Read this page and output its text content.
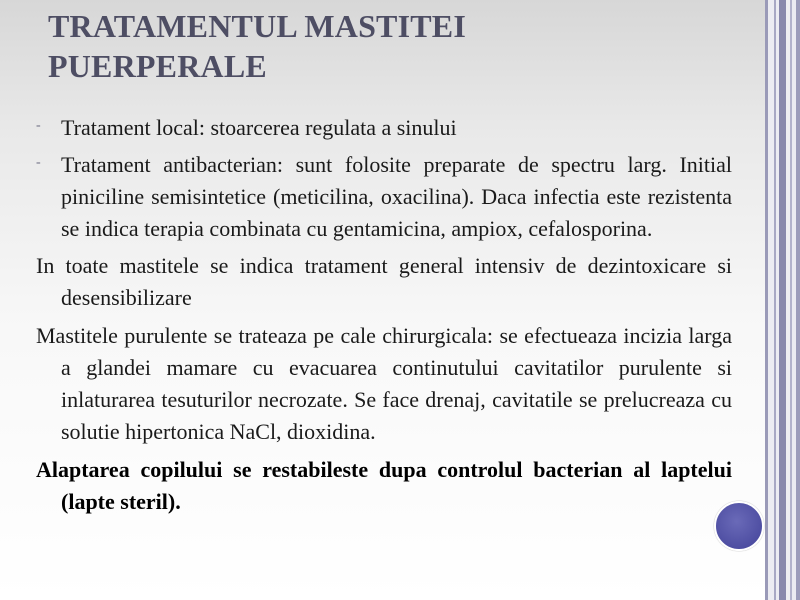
TRATAMENTUL MASTITEI
PUERPERALE
- Tratament local: stoarcerea regulata a sinului
- Tratament antibacterian: sunt folosite preparate de spectru larg. Initial piniciline semisintetice (meticilina, oxacilina). Daca infectia este rezistenta se indica terapia combinata cu gentamicina, ampiox, cefalosporina.
In toate mastitele se indica tratament general intensiv de dezintoxicare si desensibilizare
Mastitele purulente se trateaza pe cale chirurgicala: se efectueaza incizia larga a glandei mamare cu evacuarea continutului cavitatilor purulente si inlaturarea tesuturilor necrozate. Se face drenaj, cavitatile se prelucreaza cu solutie hipertonica NaCl, dioxidina.
Alaptarea copilului se restabileste dupa controlul bacterian al laptelui (lapte steril).
